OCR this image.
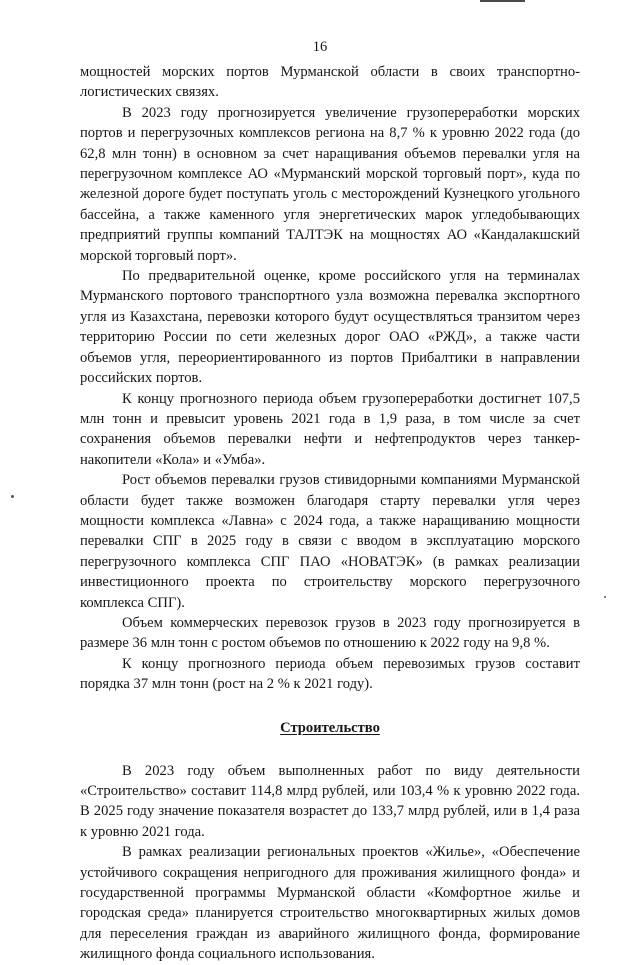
16

мощностей морских портов Мурманской области в своих транспортно-логистических связях.

В 2023 году прогнозируется увеличение грузопереработки морских портов и перегрузочных комплексов региона на 8,7 % к уровню 2022 года (до 62,8 млн тонн) в основном за счет наращивания объемов перевалки угля на перегрузочном комплексе АО «Мурманский морской торговый порт», куда по железной дороге будет поступать уголь с месторождений Кузнецкого угольного бассейна, а также каменного угля энергетических марок угледобывающих предприятий группы компаний ТАЛТЭК на мощностях АО «Кандалакшский морской торговый порт».

По предварительной оценке, кроме российского угля на терминалах Мурманского портового транспортного узла возможна перевалка экспортного угля из Казахстана, перевозки которого будут осуществляться транзитом через территорию России по сети железных дорог ОАО «РЖД», а также части объемов угля, переориентированного из портов Прибалтики в направлении российских портов.

К концу прогнозного периода объем грузопереработки достигнет 107,5 млн тонн и превысит уровень 2021 года в 1,9 раза, в том числе за счет сохранения объемов перевалки нефти и нефтепродуктов через танкер-накопители «Кола» и «Умба».

Рост объемов перевалки грузов стивидорными компаниями Мурманской области будет также возможен благодаря старту перевалки угля через мощности комплекса «Лавна» с 2024 года, а также наращиванию мощности перевалки СПГ в 2025 году в связи с вводом в эксплуатацию морского перегрузочного комплекса СПГ ПАО «НОВАТЭК» (в рамках реализации инвестиционного проекта по строительству морского перегрузочного комплекса СПГ).

Объем коммерческих перевозок грузов в 2023 году прогнозируется в размере 36 млн тонн с ростом объемов по отношению к 2022 году на 9,8 %.

К концу прогнозного периода объем перевозимых грузов составит порядка 37 млн тонн (рост на 2 % к 2021 году).

Строительство

В 2023 году объем выполненных работ по виду деятельности «Строительство» составит 114,8 млрд рублей, или 103,4 % к уровню 2022 года. В 2025 году значение показателя возрастет до 133,7 млрд рублей, или в 1,4 раза к уровню 2021 года.

В рамках реализации региональных проектов «Жилье», «Обеспечение устойчивого сокращения непригодного для проживания жилищного фонда» и государственной программы Мурманской области «Комфортное жилье и городская среда» планируется строительство многоквартирных жилых домов для переселения граждан из аварийного жилищного фонда, формирование жилищного фонда социального использования.
